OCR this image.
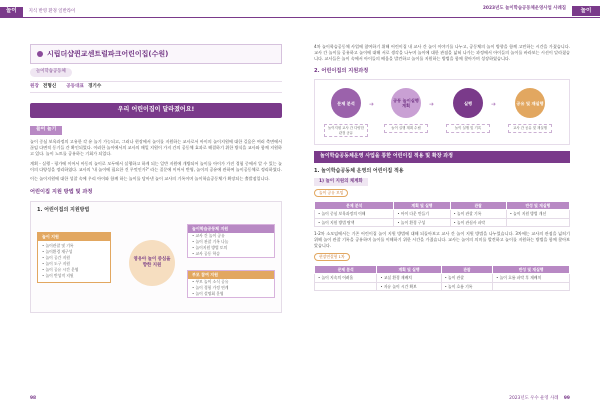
놀이	지식 반영 환경 일반라이
2023년도 놀이학습공동체운영사업 사례집	놀이
시립더샵퀸교센트럴파크어린이집(수원)
놀이학습공동체
원장 전형신 공동대표 경기수
우리 어린이집이 달라졌어요!
들어 놀기

놀이 중심 보육과정의 고유한 각 유 놀기 가능되고, 그러나 현장에서 놀이를 지원하는 교사로서 아이의 놀이지원에 대한 길음은 여러 측면에서 끊임 다면적 동기들 간 확인되었다. 이러한 놀이에서의 교사의 매일 지원이 가지 간의 공동체 효과로 해결하기 위한 방식을 교사와 함께 지원하고 있다. 놀이 노트를 공유하는 기회가 되었다.

계획 - 실행 - 평가에 이어서 아동의 놀이로 모두에서 실행하고 하게 되는 일반 지원에 개방되어 놀이를 아이가 가진 경험 중에서 알 수 있는 놀이의 다양성을 정리하였다. 교사의 '내 놀이에 필요한 건 무엇인가?' 라는 질문에 이어서 반영, 놀이의 공유에 관하여 놀이공동체로 정리하였다.

이는 놀이지원에 대한 성찰 속에 우리 아이와 함께 하는 놀이를 담아낸 놀이 교사의 기록이며 놀이학습공동체가 확장되는 출발점입니다.

어린이집 지원 방법 및 과정
1. 어린이집의 지원방법
놀이 지원
• 놀이관찰 및 기록
• 놀이환경 재구성
• 놀이 공간 지원
• 놀이 도구 지원
• 놀이 공유 시간 운영
• 놀이 반성적 지원
영유아 놀이 중심을 향한 지원
놀이학습공동체 지원
• 교사 간 놀이 공유
• 놀이 관찰 기록 나눔
• 놀이지원 방법 토의
• 교사 공동 학습
부모 참여 지원
• 부모 놀이 소식 공유
• 놀이 경험 가정 연계
• 놀이 설명회 운영

4차 놀이학습공동체 사업에 참여하기 위해 어린이집 내 교사 간 놀이 이야기를 나누고, 공동체의 놀이 방향을 함께 고민하는 시간을 가졌습니다. 교사 간 놀이를 공유하고 놀이에 대해 서로 생각을 나누며 놀이에 대한 관점을 넓혀 나가는 과정에서 아이들의 놀이를 바라보는 시선이 달라졌습니다. 교사들은 놀이 속에서 아이들의 배움을 발견하고 놀이를 지원하는 방법을 함께 찾아가며 성장하였습니다.

2. 어린이집의 지원과정
문제 분석	➜
공동 놀이실행 계획	➜	실행	➜	공유 및 재실행
놀이지원 교사 간 다양한 관점 공유
놀이 실행 계획 수립	놀이 실행 및 기록	교사 간 공유 및 재실행
놀이학습공동체운영 사업을 통한 어린이집 적용 및 확장 과정
1. 놀이학습공동체 운영의 어린이집 적용
1) 놀이 지원의 체계화
놀이 공유 모임
문제 분석	계획 및 실행	관찰	반성 및 재실행
• 놀이 중심 보육과정의 이해	• 아이 다운 만들기	• 놀이 관찰 기록	• 놀이 지원 방법 개선
• 놀이 지원 방법 탐색	• 놀이 환경 구성	• 놀이 관심사 파악	

1-2차 소모임에서는 기존 어린이집 놀이 지원 방법에 대해 되돌아보고 교사 간 놀이 지원 방법을 나누었습니다. 3차에는 교사의 관점을 넓히기 위해 놀이 관찰 기록을 공유하며 놀이를 이해하기 위한 시간을 가졌습니다. 교사는 놀이의 의미를 발견하고 놀이를 지원하는 방법을 함께 찾아보았습니다.

현장연결형 1차
문제 분석	계획 및 실행	관찰	반성 및 재실행
• 놀이 지속의 어려움	• 교실 환경 재배치	• 놀이 관찰	• 놀이 흐름 파악 후 재배치
	• 자유 놀이 시간 확보	• 놀이 흐름 기록	
98	2023년도 우수 운영 사례 99
